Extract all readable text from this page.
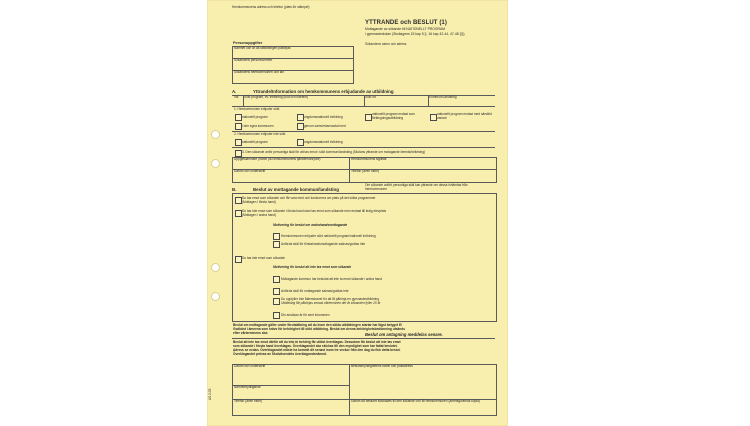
Hemkommunens adress och telefon (plats för stämpel)
YTTRANDE och BESLUT (1)
Mottagande av sökande till NATIONELLT PROGRAM
i gymnasieskolan (Skollagens 15 kap 5 §, 16 kap 42-44, 47-48 §§)
Sökandens namn och adress
Personuppgifter
Namnet och år då utbildningen påbörjas
Sökandens personnummer
Sökandens hemkommunen och län
A.	Yttrande/Information om hemkommunens erbjudande av utbildning
Val Sökt program, ev. inriktning (kod och klartext)	Sökt ort	Kommun/Landsting
1. Hemkommunen erbjuder sökt
nationellt program	ungdomsnationell inriktning
nationellt program endast som förlängningsutbildning
nationellt program endast med särskild variant
i den egna kommunen	genom samverkansavtal med
2. Hemkommunen erbjuder inte sökt
nationellt program	ungdomsnationell inriktning
3. Den sökande anför personliga skäl för att tas emot i sökt kommun/landsting (Skolans yttrande om motagande bereds/inriktning)
Uppgiftslämnare (namn på hemkommunens tjänsteman/yrke)	Hemkommunens sigillfält
Datum och underskrift	Telefon (även riktnr)
B.	Beslut av mottagande kommun/landsting
Om sökande anfört personliga skäl kan yttrande om dessa inhämtas från hemkommunen
Du tas emot som sökande och får vara med och konkurrera om plats på det sökta programmet
(Mottagen i första hand)
Du tas inte emot som sökande i första hand utan tas emot som sökande men endast till ledig elevplats
(Mottagen i andra hand)
Motivering för beslut om andrahandsmottagande
Hemkommunen erbjuder sökt nationellt program/nationell inriktning
Anförda skäl för förstahandsmottagande saknas/godtas inte
Du tas inte emot som sökande
Motivering för beslut att inte tas emot som sökande
Mottagande kommun har beslutat att inte ta emot sökande i andra hand
Anförda skäl för mottagande saknas/godtas inte
Du uppfyller inte ålderskravet för att få påbörja en gymnasieutbildning
Utbildning får påbörjas senast vårterminen det år sökanden fyller 20 år
Din ansökan är för sent inkommen
Beslut om mottagande gäller under förutsättning att du inom den sökta utbildningen startar har lägst betyget E/
Godkänt i ämnena som krävs för behörighet till sökt utbildning. Beslut om denna behörighetsbedömning utsänds
efter vårterminens slut.	Beslut om antagning meddelas senare.
Beslut att inte tas emot därför att du inte är behörig får utlöst överklagas. Dessutom får beslut att inte tas emot
som sökande i första hand överklagas. Överklagandet ska skickas till den myndighet som har fattat beslutet.
Adress se nedan. Överklagandet måste ha kommit dit senast inom tre veckor från den dag du fick detta beslut.
Överklagandet prövas av Skolväsendets överklagandenämnd.
Datum och underskrift	Beslutsmyndighetens namn och postadress
Namnförtydligande
Telefon (även riktnr)	Datum då beslutet skickades till den sökande och till hemkommunen (arbetsgivarnas kopia)
AS 2.05
